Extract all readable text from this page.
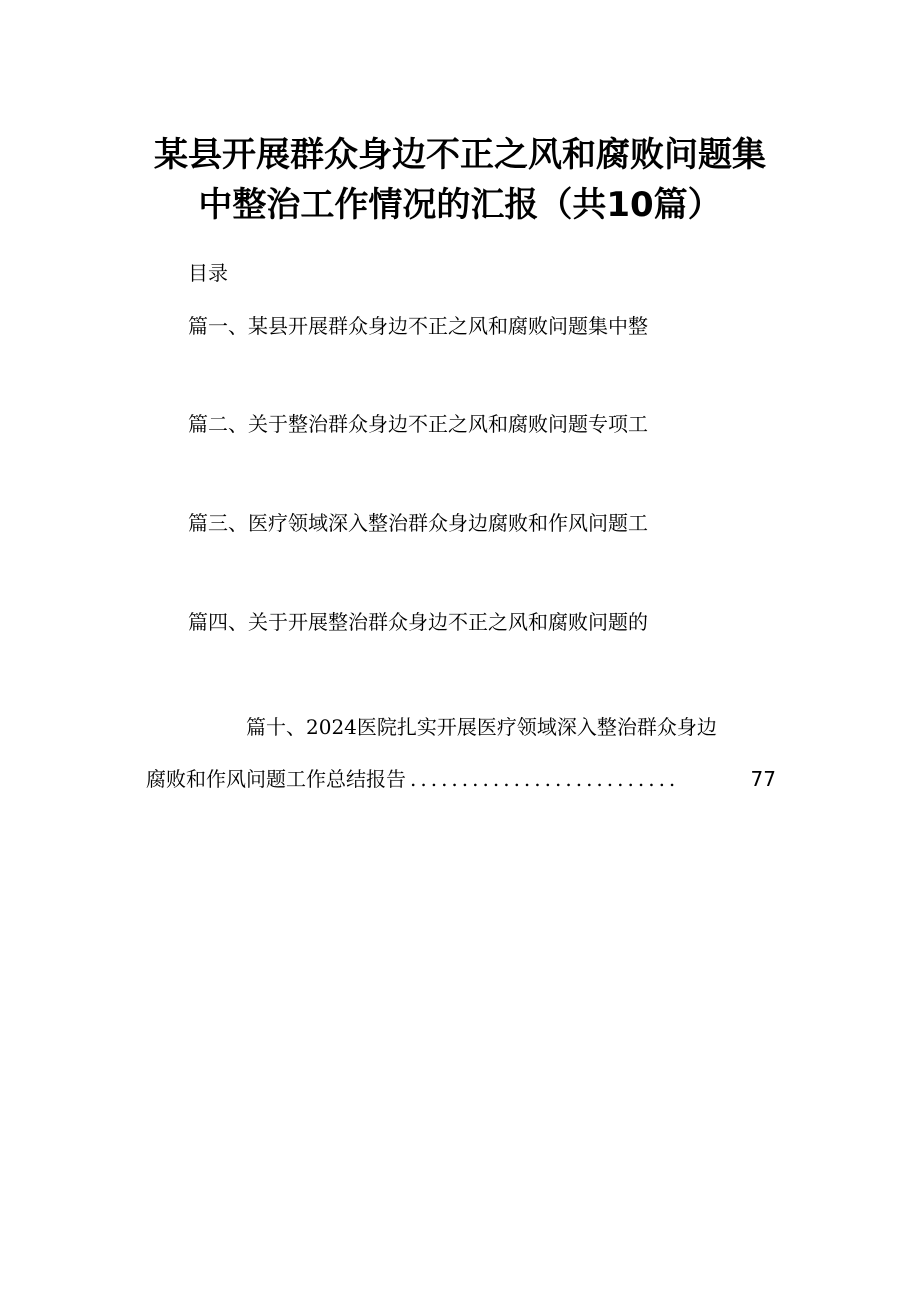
某县开展群众身边不正之风和腐败问题集
中整治工作情况的汇报（共10篇）
目录
篇一、某县开展群众身边不正之风和腐败问题集中整
篇二、关于整治群众身边不正之风和腐败问题专项工
篇三、医疗领域深入整治群众身边腐败和作风问题工
篇四、关于开展整治群众身边不正之风和腐败问题的
篇十、2024医院扎实开展医疗领域深入整治群众身边
腐败和作风问题工作总结报告 ..........................	77
